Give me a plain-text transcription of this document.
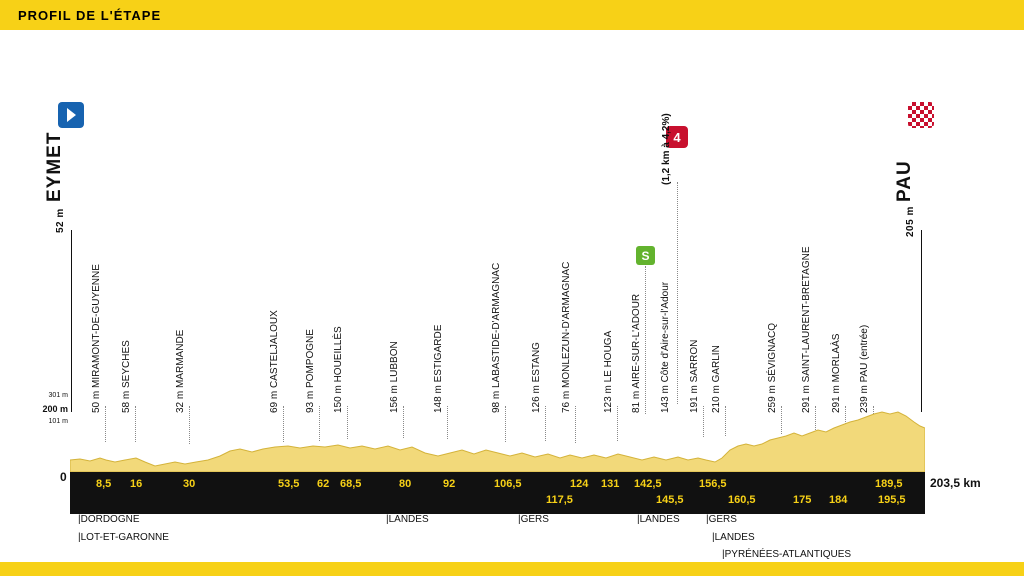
PROFIL DE L'ÉTAPE
EYMET
52 m
PAU
205 m
4
(1,2 km à 4,2%)
S
50 m MIRAMONT-DE-GUYENNE 58 m SEYCHES	32 m MARMANDE	69 m CASTELJALOUX	93 m POMPOGNE 150 m HOUEILLÈS	156 m LUBBON	148 m ESTIGARDE	98 m LABASTIDE-D'ARMAGNAC	126 m ESTANG 76 m MONLEZUN-D'ARMAGNAC	123 m LE HOUGA 81 m AIRE-SUR-L'ADOUR 143 m Côte d'Aire-sur-l'Adour 191 m SARRON 210 m GARLIN	259 m SÉVIGNACQ 291 m SAINT-LAURENT-BRETAGNE 291 m MORLAÀS 239 m PAU (entrée)
301 m
200 m
101 m
0	8,5 16	30	53,5 62 68,5	80	92	106,5	124 131 142,5	156,5	189,5
117,5	145,5	160,5	175 184	195,5
203,5 km
|DORDOGNE
|LOT-ET-GARONNE
|LANDES	|GERS	|LANDES	|GERS
|LANDES
|PYRÉNÉES-ATLANTIQUES
